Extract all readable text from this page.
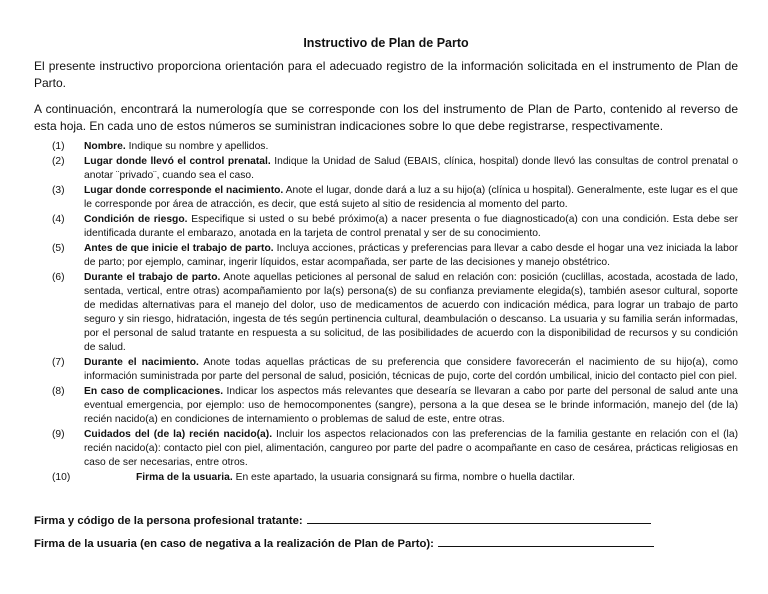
Instructivo de Plan de Parto

El presente instructivo proporciona orientación para el adecuado registro de la información solicitada en el instrumento de Plan de Parto.

A continuación, encontrará la numerología que se corresponde con los del instrumento de Plan de Parto, contenido al reverso de esta hoja. En cada uno de estos números se suministran indicaciones sobre lo que debe registrarse, respectivamente.

(1)	Nombre. Indique su nombre y apellidos.
(2)	Lugar donde llevó el control prenatal. Indique la Unidad de Salud (EBAIS, clínica, hospital) donde llevó las consultas de control prenatal o anotar ¨privado¨, cuando sea el caso.
(3)	Lugar donde corresponde el nacimiento. Anote el lugar, donde dará a luz a su hijo(a) (clínica u hospital). Generalmente, este lugar es el que le corresponde por área de atracción, es decir, que está sujeto al sitio de residencia al momento del parto.
(4)	Condición de riesgo. Especifique si usted o su bebé próximo(a) a nacer presenta o fue diagnosticado(a) con una condición. Esta debe ser identificada durante el embarazo, anotada en la tarjeta de control prenatal y ser de su conocimiento.
(5)	Antes de que inicie el trabajo de parto. Incluya acciones, prácticas y preferencias para llevar a cabo desde el hogar una vez iniciada la labor de parto; por ejemplo, caminar, ingerir líquidos, estar acompañada, ser parte de las decisiones y manejo obstétrico.
(6)	Durante el trabajo de parto. Anote aquellas peticiones al personal de salud en relación con: posición (cuclillas, acostada, acostada de lado, sentada, vertical, entre otras) acompañamiento por la(s) persona(s) de su confianza previamente elegida(s), también asesor cultural, soporte de medidas alternativas para el manejo del dolor, uso de medicamentos de acuerdo con indicación médica, para lograr un trabajo de parto seguro y sin riesgo, hidratación, ingesta de tés según pertinencia cultural, deambulación o descanso. La usuaria y su familia serán informadas, por el personal de salud tratante en respuesta a su solicitud, de las posibilidades de acuerdo con la disponibilidad de recursos y su condición de salud.
(7)	Durante el nacimiento. Anote todas aquellas prácticas de su preferencia que considere favorecerán el nacimiento de su hijo(a), como información suministrada por parte del personal de salud, posición, técnicas de pujo, corte del cordón umbilical, inicio del contacto piel con piel.
(8)	En caso de complicaciones. Indicar los aspectos más relevantes que desearía se llevaran a cabo por parte del personal de salud ante una eventual emergencia, por ejemplo: uso de hemocomponentes (sangre), persona a la que desea se le brinde información, manejo del (de la) recién nacido(a) en condiciones de internamiento o problemas de salud de este, entre otras.
(9)	Cuidados del (de la) recién nacido(a). Incluir los aspectos relacionados con las preferencias de la familia gestante en relación con el (la) recién nacido(a): contacto piel con piel, alimentación, cangureo por parte del padre o acompañante en caso de cesárea, prácticas religiosas en caso de ser necesarias, entre otros.
(10)	Firma de la usuaria. En este apartado, la usuaria consignará su firma, nombre o huella dactilar.

Firma y código de la persona profesional tratante:

Firma de la usuaria (en caso de negativa a la realización de Plan de Parto):
